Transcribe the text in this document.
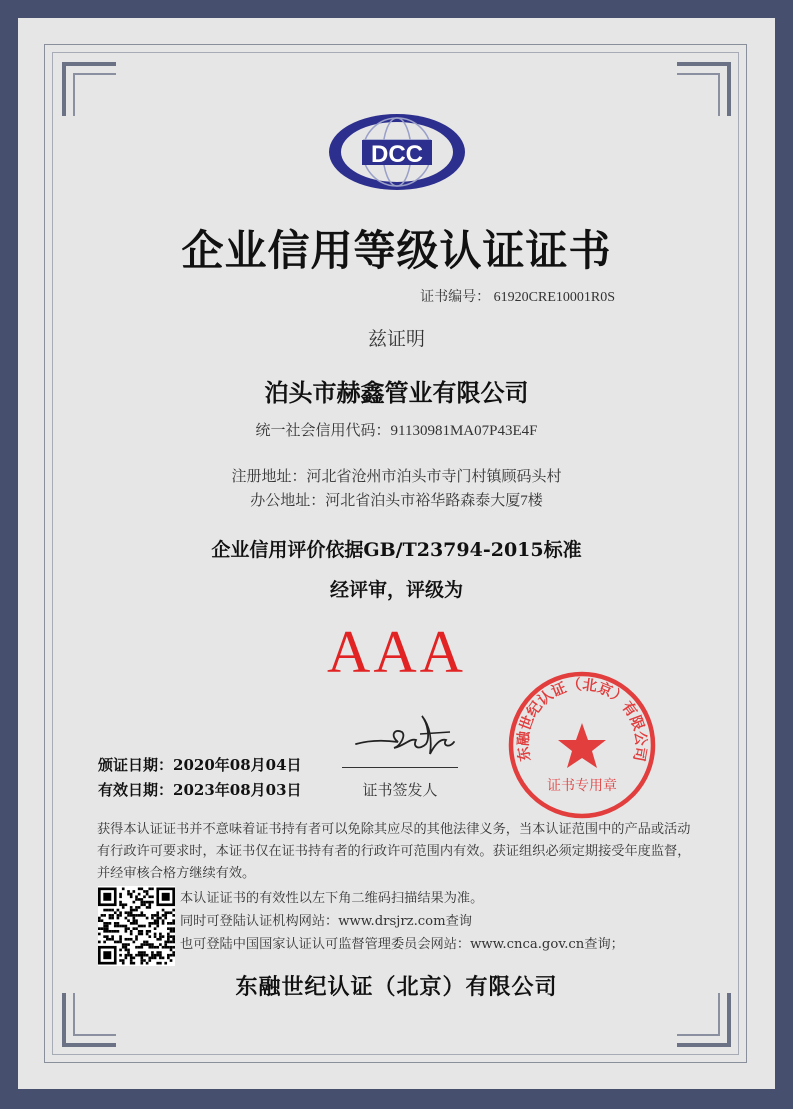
DCC
企业信用等级认证证书
证书编号： 61920CRE10001R0S
兹证明
泊头市赫鑫管业有限公司
统一社会信用代码：91130981MA07P43E4F
注册地址：河北省沧州市泊头市寺门村镇顾码头村
办公地址：河北省泊头市裕华路森泰大厦7楼
企业信用评价依据GB/T23794-2015标准
经评审，评级为
AAA
颁证日期：2020年08月04日
有效日期：2023年08月03日	证书签发人
东融世纪认证（北京）有限公司
证书专用章
获得本认证证书并不意味着证书持有者可以免除其应尽的其他法律义务，当本认证范围中的产品或活动有行政许可要求时，本证书仅在证书持有者的行政许可范围内有效。获证组织必须定期接受年度监督，并经审核合格方继续有效。
本认证证书的有效性以左下角二维码扫描结果为准。
同时可登陆认证机构网站：www.drsjrz.com查询
也可登陆中国国家认证认可监督管理委员会网站：www.cnca.gov.cn查询；
东融世纪认证（北京）有限公司
